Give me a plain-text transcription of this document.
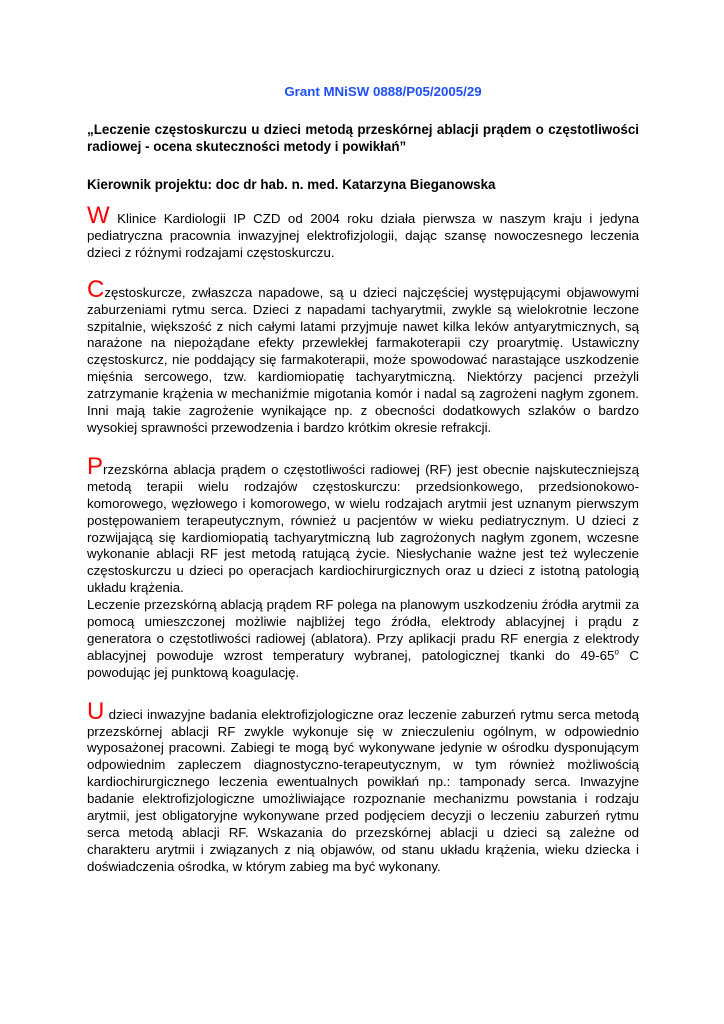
Grant MNiSW 0888/P05/2005/29

„Leczenie częstoskurczu u dzieci metodą przeskórnej ablacji prądem o częstotliwości radiowej - ocena skuteczności metody i powikłań”

Kierownik projektu: doc dr hab. n. med. Katarzyna Bieganowska

W Klinice Kardiologii IP CZD od 2004 roku działa pierwsza w naszym kraju i jedyna pediatryczna pracownia inwazyjnej elektrofizjologii, dając szansę nowoczesnego leczenia dzieci z różnymi rodzajami częstoskurczu.

Częstoskurcze, zwłaszcza napadowe, są u dzieci najczęściej występującymi objawowymi zaburzeniami rytmu serca. Dzieci z napadami tachyarytmii, zwykle są wielokrotnie leczone szpitalnie, większość z nich całymi latami przyjmuje nawet kilka leków antyarytmicznych, są narażone na niepożądane efekty przewlekłej farmakoterapii czy proarytmię. Ustawiczny częstoskurcz, nie poddający się farmakoterapii, może spowodować narastające uszkodzenie mięśnia sercowego, tzw. kardiomiopatię tachyarytmiczną. Niektórzy pacjenci przeżyli zatrzymanie krążenia w mechaniźmie migotania komór i nadal są zagrożeni nagłym zgonem. Inni mają takie zagrożenie wynikające np. z obecności dodatkowych szlaków o bardzo wysokiej sprawności przewodzenia i bardzo krótkim okresie refrakcji.

Przezskórna ablacja prądem o częstotliwości radiowej (RF) jest obecnie najskuteczniejszą metodą terapii wielu rodzajów częstoskurczu: przedsionkowego, przedsionokowo-komorowego, węzłowego i komorowego, w wielu rodzajach arytmii jest uznanym pierwszym postępowaniem terapeutycznym, również u pacjentów w wieku pediatrycznym. U dzieci z rozwijającą się kardiomiopatią tachyarytmiczną lub zagrożonych nagłym zgonem, wczesne wykonanie ablacji RF jest metodą ratującą życie. Niesłychanie ważne jest też wyleczenie częstoskurczu u dzieci po operacjach kardiochirurgicznych oraz u dzieci z istotną patologią układu krążenia.

Leczenie przezskórną ablacją prądem RF polega na planowym uszkodzeniu źródła arytmii za pomocą umieszczonej możliwie najbliżej tego źródła, elektrody ablacyjnej i prądu z generatora o częstotliwości radiowej (ablatora). Przy aplikacji pradu RF energia z elektrody ablacyjnej powoduje wzrost temperatury wybranej, patologicznej tkanki do 49-65$^o$ C powodując jej punktową koagulację.

U dzieci inwazyjne badania elektrofizjologiczne oraz leczenie zaburzeń rytmu serca metodą przezskórnej ablacji RF zwykle wykonuje się w znieczuleniu ogólnym, w odpowiednio wyposażonej pracowni. Zabiegi te mogą być wykonywane jedynie w ośrodku dysponującym odpowiednim zapleczem diagnostyczno-terapeutycznym, w tym również możliwością kardiochirurgicznego leczenia ewentualnych powikłań np.: tamponady serca. Inwazyjne badanie elektrofizjologiczne umożliwiające rozpoznanie mechanizmu powstania i rodzaju arytmii, jest obligatoryjne wykonywane przed podjęciem decyzji o leczeniu zaburzeń rytmu serca metodą ablacji RF. Wskazania do przezskórnej ablacji u dzieci są zależne od charakteru arytmii i związanych z nią objawów, od stanu układu krążenia, wieku dziecka i doświadczenia ośrodka, w którym zabieg ma być wykonany.
